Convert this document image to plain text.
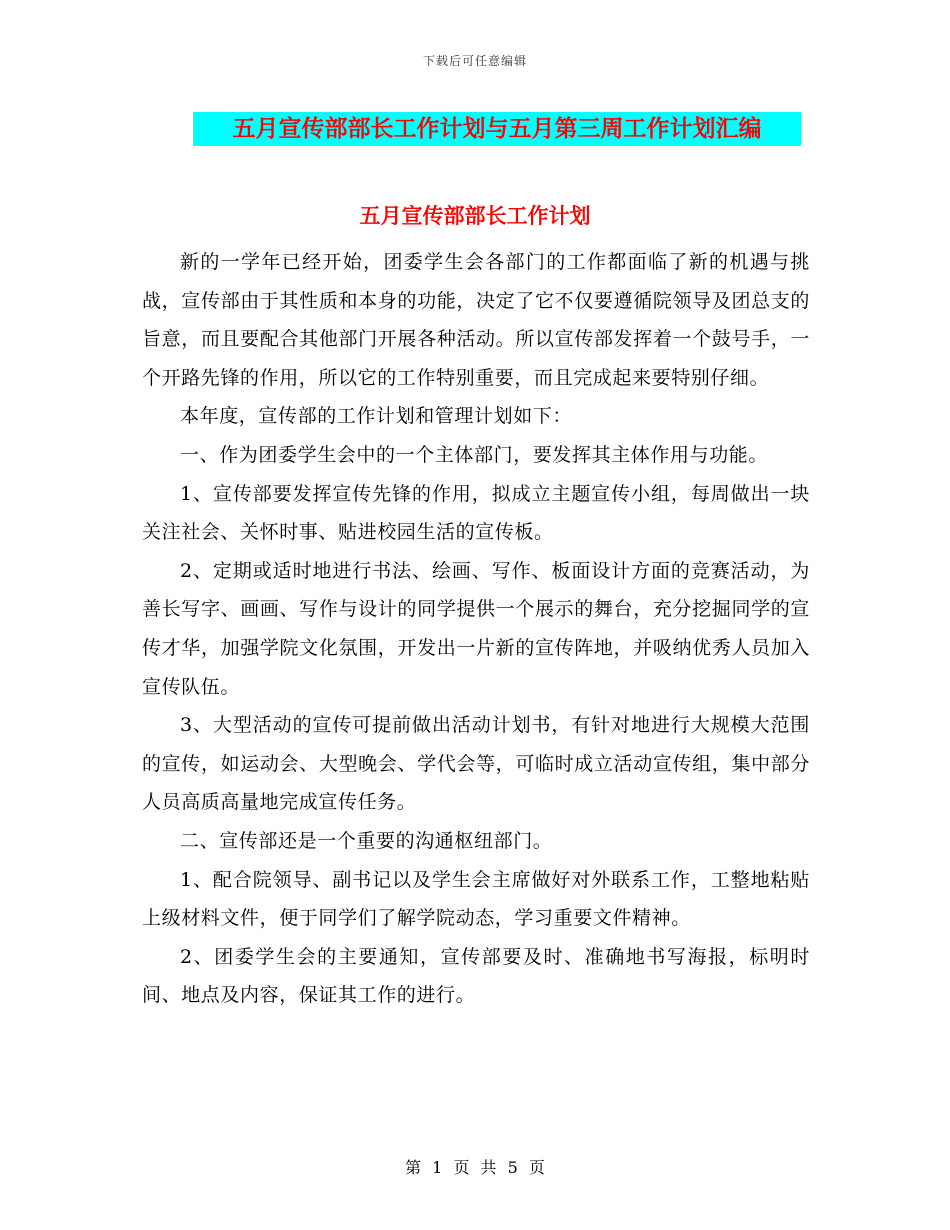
下载后可任意编辑
五月宣传部部长工作计划与五月第三周工作计划汇编
五月宣传部部长工作计划

新的一学年已经开始，团委学生会各部门的工作都面临了新的机遇与挑战，宣传部由于其性质和本身的功能，决定了它不仅要遵循院领导及团总支的旨意，而且要配合其他部门开展各种活动。所以宣传部发挥着一个鼓号手，一个开路先锋的作用，所以它的工作特别重要，而且完成起来要特别仔细。

本年度，宣传部的工作计划和管理计划如下：

一、作为团委学生会中的一个主体部门，要发挥其主体作用与功能。

1、宣传部要发挥宣传先锋的作用，拟成立主题宣传小组，每周做出一块关注社会、关怀时事、贴进校园生活的宣传板。

2、定期或适时地进行书法、绘画、写作、板面设计方面的竞赛活动，为善长写字、画画、写作与设计的同学提供一个展示的舞台，充分挖掘同学的宣传才华，加强学院文化氛围，开发出一片新的宣传阵地，并吸纳优秀人员加入宣传队伍。

3、大型活动的宣传可提前做出活动计划书，有针对地进行大规模大范围的宣传，如运动会、大型晚会、学代会等，可临时成立活动宣传组，集中部分人员高质高量地完成宣传任务。

二、宣传部还是一个重要的沟通枢纽部门。

1、配合院领导、副书记以及学生会主席做好对外联系工作，工整地粘贴上级材料文件，便于同学们了解学院动态，学习重要文件精神。

2、团委学生会的主要通知，宣传部要及时、准确地书写海报，标明时间、地点及内容，保证其工作的进行。

第 1 页 共 5 页
